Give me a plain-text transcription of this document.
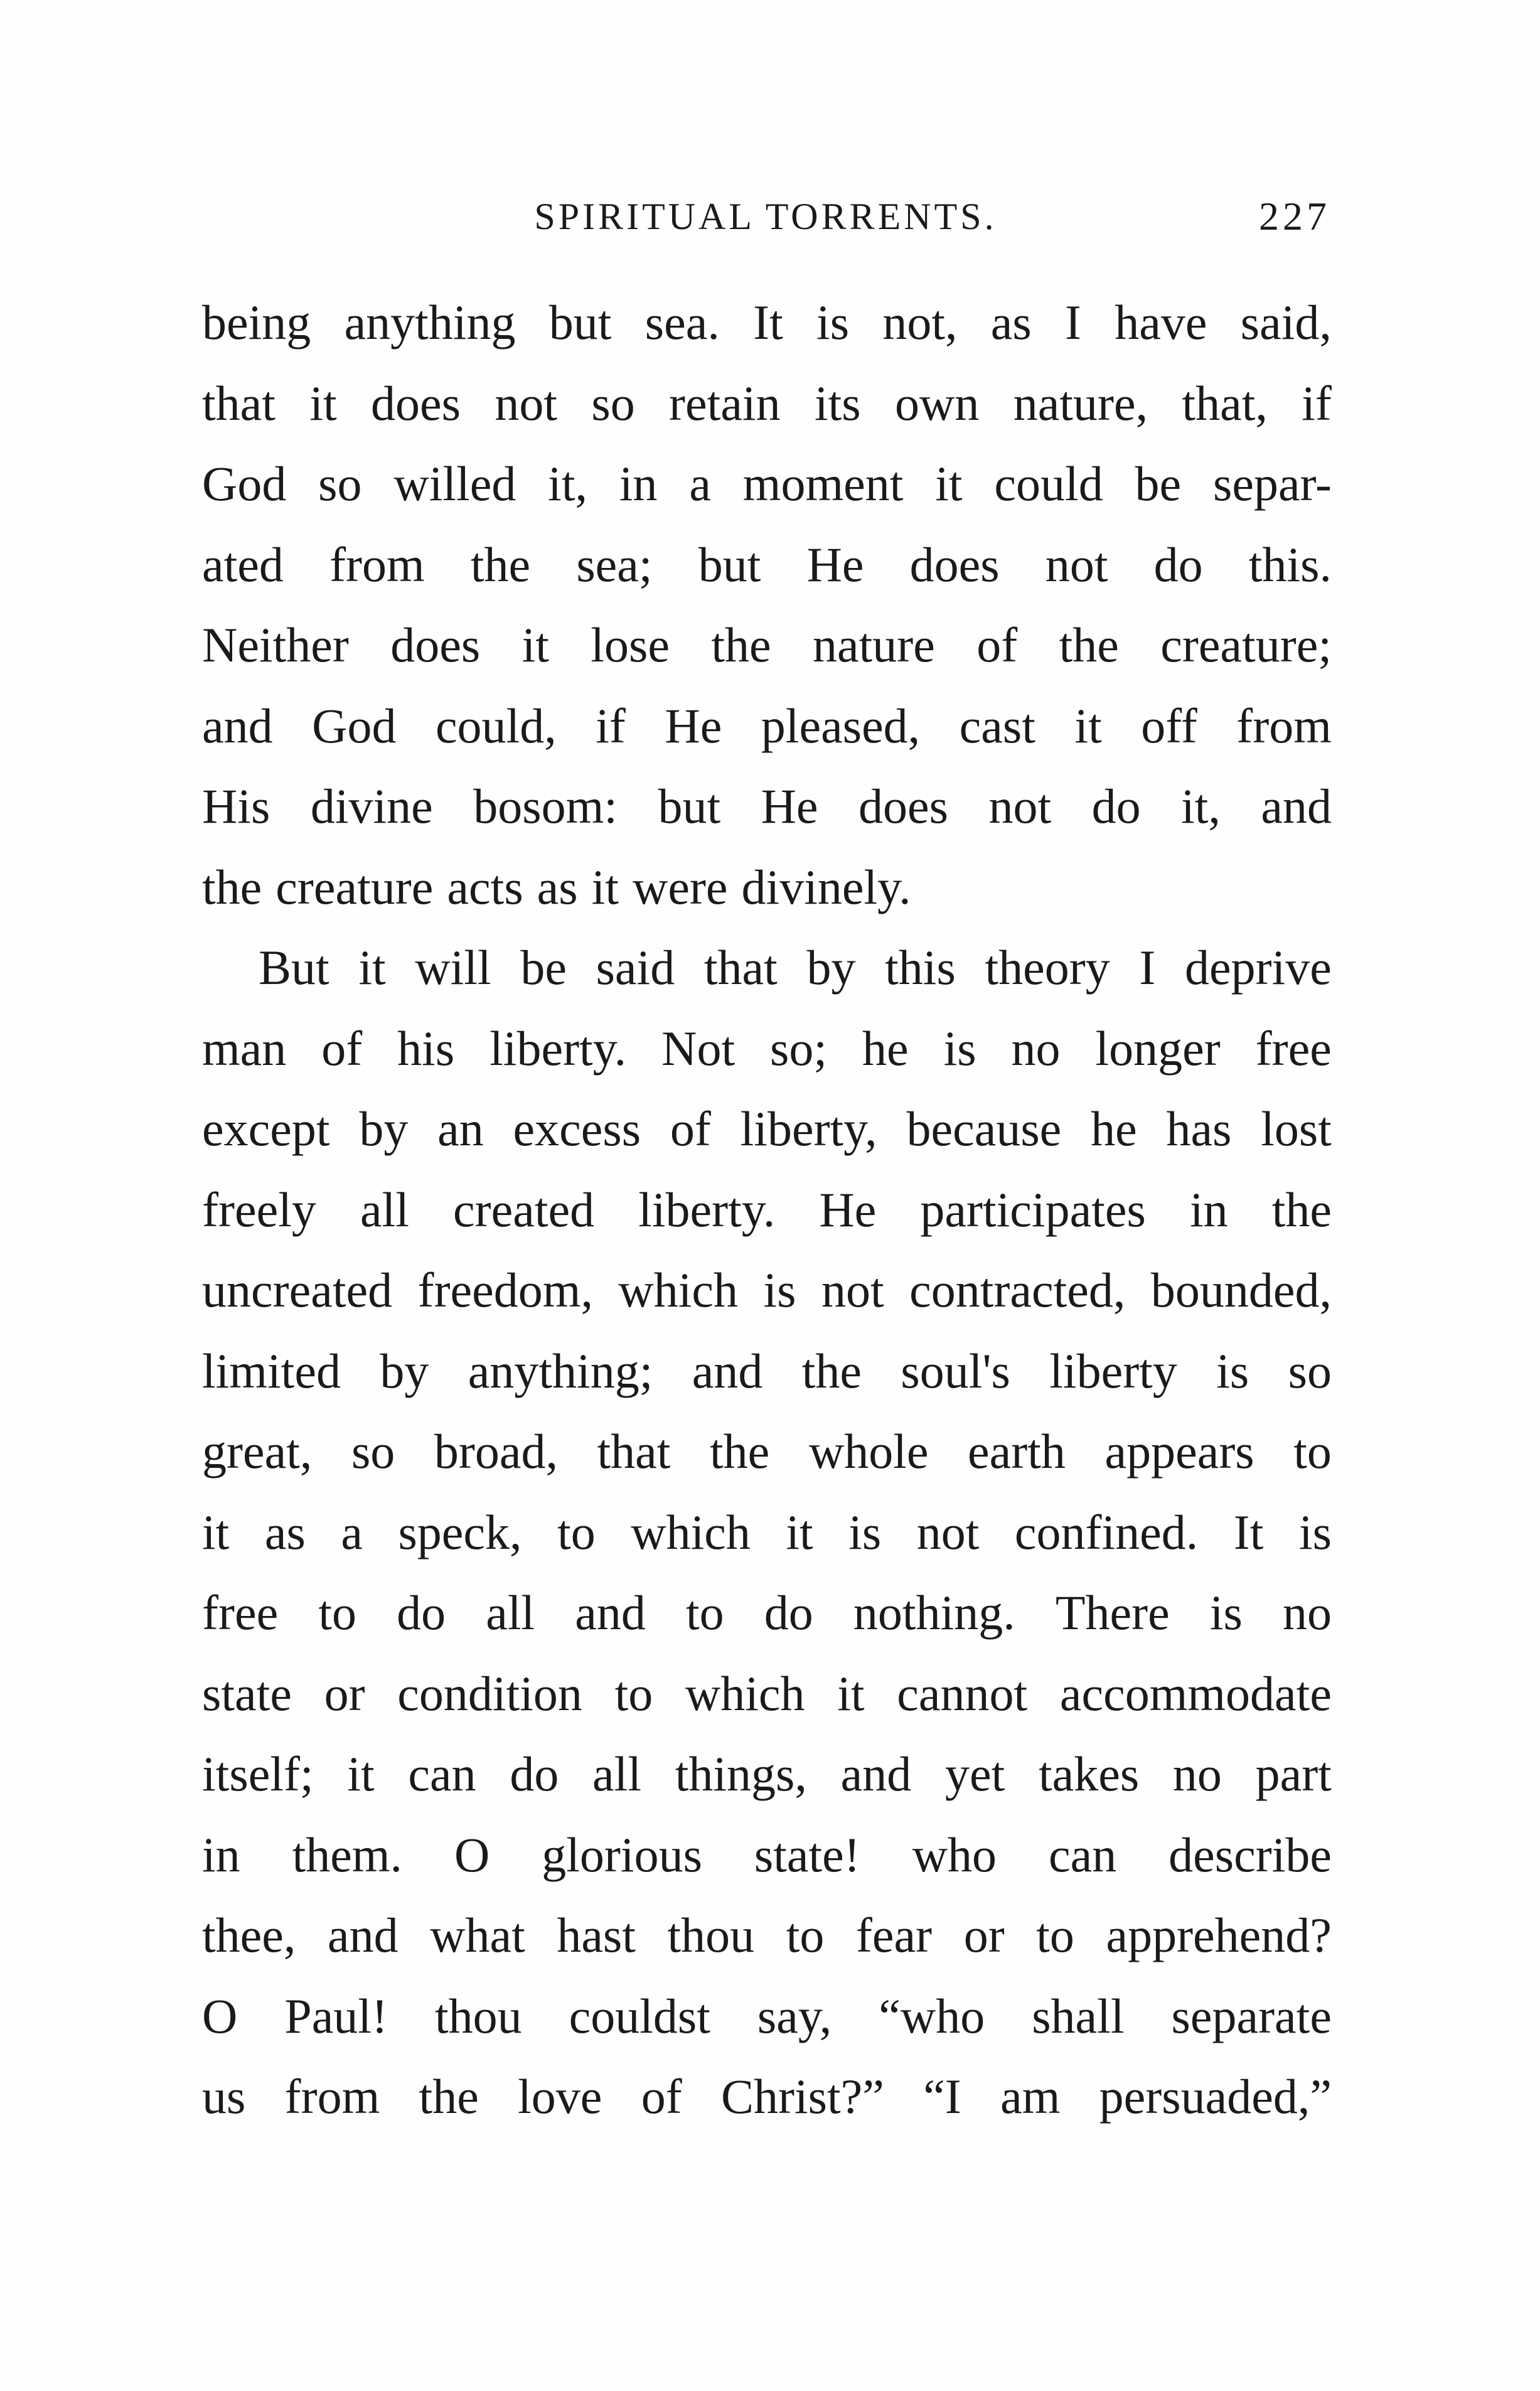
SPIRITUAL TORRENTS.	227
being anything but sea. It is not, as I have said,
that it does not so retain its own nature, that, if
God so willed it, in a moment it could be separ-
ated from the sea; but He does not do this.
Neither does it lose the nature of the creature;
and God could, if He pleased, cast it off from
His divine bosom: but He does not do it, and
the creature acts as it were divinely.
But it will be said that by this theory I deprive
man of his liberty. Not so; he is no longer free
except by an excess of liberty, because he has lost
freely all created liberty. He participates in the
uncreated freedom, which is not contracted, bounded,
limited by anything; and the soul's liberty is so
great, so broad, that the whole earth appears to
it as a speck, to which it is not confined. It is
free to do all and to do nothing. There is no
state or condition to which it cannot accommodate
itself; it can do all things, and yet takes no part
in them. O glorious state! who can describe
thee, and what hast thou to fear or to apprehend?
O Paul! thou couldst say, “who shall separate
us from the love of Christ?” “I am persuaded,”
